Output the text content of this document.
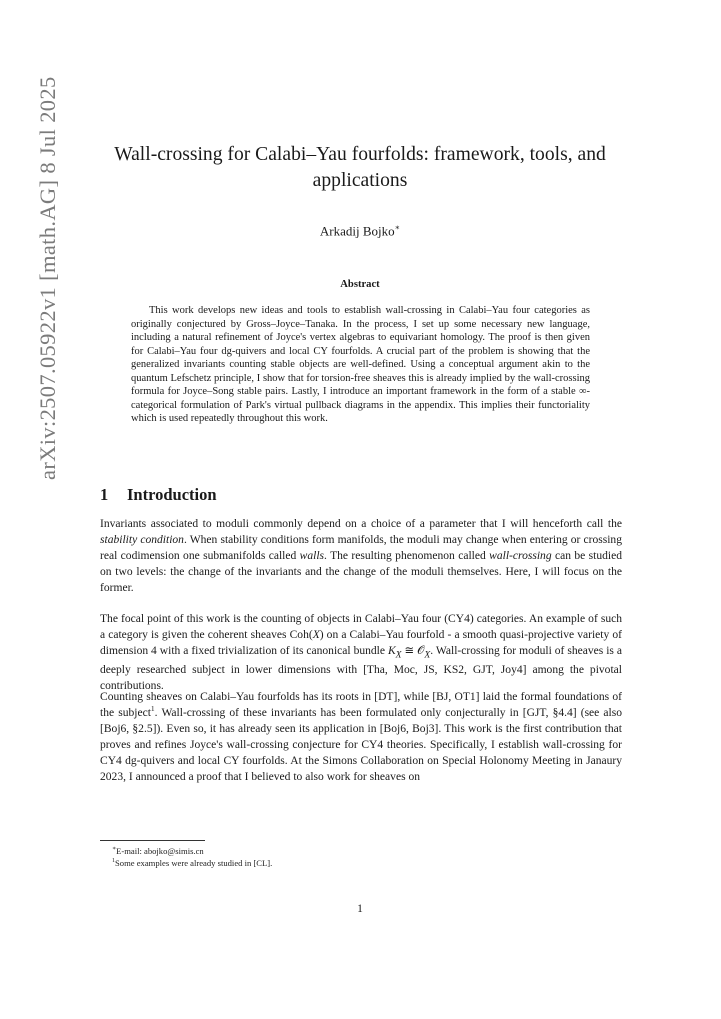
arXiv:2507.05922v1 [math.AG] 8 Jul 2025	Wall-crossing for Calabi–Yau fourfolds: framework, tools, and applications
Arkadij Bojko∗
Abstract

This work develops new ideas and tools to establish wall-crossing in Calabi–Yau four categories as originally conjectured by Gross–Joyce–Tanaka. In the process, I set up some necessary new language, including a natural refinement of Joyce's vertex algebras to equivariant homology. The proof is then given for Calabi–Yau four dg-quivers and local CY fourfolds. A crucial part of the problem is showing that the generalized invariants counting stable objects are well-defined. Using a conceptual argument akin to the quantum Lefschetz principle, I show that for torsion-free sheaves this is already implied by the wall-crossing formula for Joyce–Song stable pairs. Lastly, I introduce an important framework in the form of a stable ∞-categorical formulation of Park's virtual pullback diagrams in the appendix. This implies their functoriality which is used repeatedly throughout this work.

1 Introduction

Invariants associated to moduli commonly depend on a choice of a parameter that I will henceforth call the stability condition. When stability conditions form manifolds, the moduli may change when entering or crossing real codimension one submanifolds called walls. The resulting phenomenon called wall-crossing can be studied on two levels: the change of the invariants and the change of the moduli themselves. Here, I will focus on the former.

The focal point of this work is the counting of objects in Calabi–Yau four (CY4) categories. An example of such a category is given the coherent sheaves Coh(X) on a Calabi–Yau fourfold - a smooth quasi-projective variety of dimension 4 with a fixed trivialization of its canonical bundle $K_X$ ≅ 𝒪$_X$. Wall-crossing for moduli of sheaves is a deeply researched subject in lower dimensions with [Tha, Moc, JS, KS2, GJT, Joy4] among the pivotal contributions.

Counting sheaves on Calabi–Yau fourfolds has its roots in [DT], while [BJ, OT1] laid the formal foundations of the subject$^1$. Wall-crossing of these invariants has been formulated only conjecturally in [GJT, §4.4] (see also [Boj6, §2.5]). Even so, it has already seen its application in [Boj6, Boj3]. This work is the first contribution that proves and refines Joyce's wall-crossing conjecture for CY4 theories. Specifically, I establish wall-crossing for CY4 dg-quivers and local CY fourfolds. At the Simons Collaboration on Special Holonomy Meeting in Janaury 2023, I announced a proof that I believed to also work for sheaves on

∗E-mail: abojko@simis.cn
$^1$Some examples were already studied in [CL].
1
